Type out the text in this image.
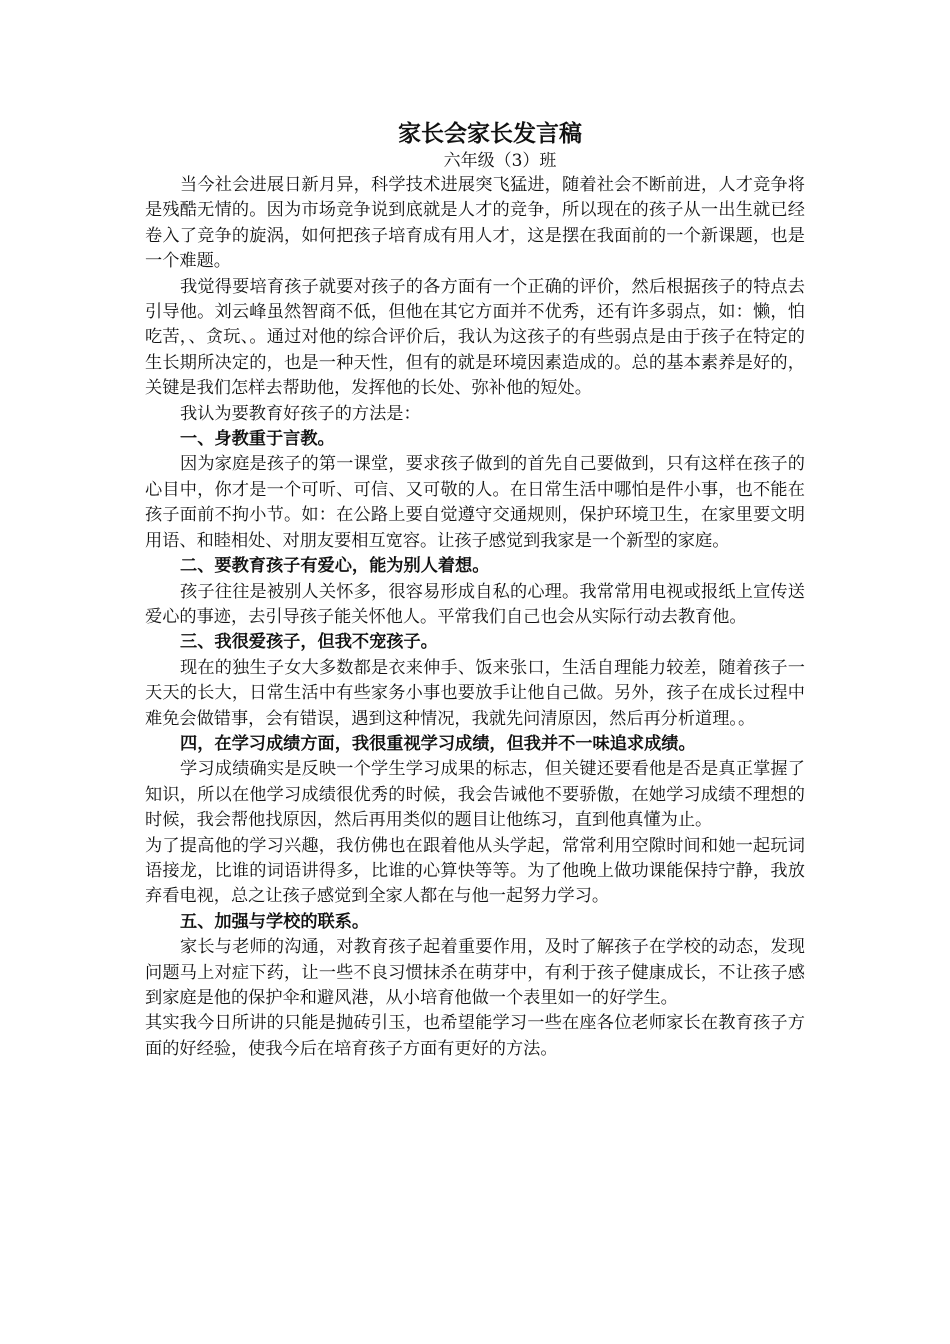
家长会家长发言稿
六年级（3）班

当今社会进展日新月异，科学技术进展突飞猛进，随着社会不断前进，人才竞争将是残酷无情的。因为市场竞争说到底就是人才的竞争，所以现在的孩子从一出生就已经卷入了竞争的旋涡，如何把孩子培育成有用人才，这是摆在我面前的一个新课题，也是一个难题。

我觉得要培育孩子就要对孩子的各方面有一个正确的评价，然后根据孩子的特点去引导他。刘云峰虽然智商不低，但他在其它方面并不优秀，还有许多弱点，如：懒，怕吃苦，、贪玩、。通过对他的综合评价后，我认为这孩子的有些弱点是由于孩子在特定的生长期所决定的，也是一种天性，但有的就是环境因素造成的。总的基本素养是好的，关键是我们怎样去帮助他，发挥他的长处、弥补他的短处。

我认为要教育好孩子的方法是：

一、身教重于言教。

因为家庭是孩子的第一课堂，要求孩子做到的首先自己要做到，只有这样在孩子的心目中，你才是一个可听、可信、又可敬的人。在日常生活中哪怕是件小事，也不能在孩子面前不拘小节。如：在公路上要自觉遵守交通规则，保护环境卫生，在家里要文明用语、和睦相处、对朋友要相互宽容。让孩子感觉到我家是一个新型的家庭。

二、要教育孩子有爱心，能为别人着想。

孩子往往是被别人关怀多，很容易形成自私的心理。我常常用电视或报纸上宣传送爱心的事迹，去引导孩子能关怀他人。平常我们自己也会从实际行动去教育他。

三、我很爱孩子，但我不宠孩子。

现在的独生子女大多数都是衣来伸手、饭来张口，生活自理能力较差，随着孩子一天天的长大，日常生活中有些家务小事也要放手让他自己做。另外，孩子在成长过程中难免会做错事，会有错误，遇到这种情况，我就先问清原因，然后再分析道理。。

四，在学习成绩方面，我很重视学习成绩，但我并不一味追求成绩。

学习成绩确实是反映一个学生学习成果的标志，但关键还要看他是否是真正掌握了知识，所以在他学习成绩很优秀的时候，我会告诫他不要骄傲，在她学习成绩不理想的时候，我会帮他找原因，然后再用类似的题目让他练习，直到他真懂为止。

为了提高他的学习兴趣，我仿佛也在跟着他从头学起，常常利用空隙时间和她一起玩词语接龙，比谁的词语讲得多，比谁的心算快等等。为了他晚上做功课能保持宁静，我放弃看电视，总之让孩子感觉到全家人都在与他一起努力学习。

五、加强与学校的联系。

家长与老师的沟通，对教育孩子起着重要作用，及时了解孩子在学校的动态，发现问题马上对症下药，让一些不良习惯抹杀在萌芽中，有利于孩子健康成长，不让孩子感到家庭是他的保护伞和避风港，从小培育他做一个表里如一的好学生。

其实我今日所讲的只能是抛砖引玉，也希望能学习一些在座各位老师家长在教育孩子方面的好经验，使我今后在培育孩子方面有更好的方法。
